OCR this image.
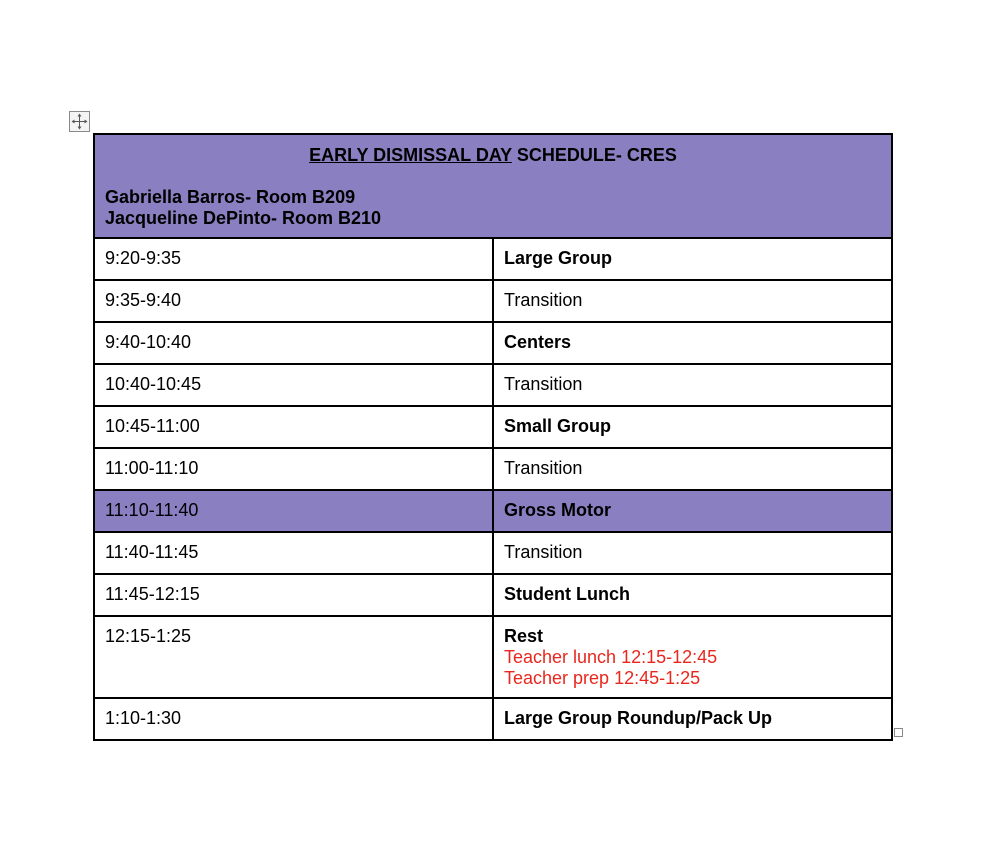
EARLY DISMISSAL DAY SCHEDULE- CRES
Gabriella Barros- Room B209
Jacqueline DePinto- Room B210	

9:20-9:35	Large Group
9:35-9:40	Transition
9:40-10:40	Centers
10:40-10:45	Transition
10:45-11:00	Small Group
11:00-11:10	Transition
11:10-11:40	Gross Motor
11:40-11:45	Transition
11:45-12:15	Student Lunch
12:15-1:25	Rest
Teacher lunch 12:15-12:45
Teacher prep 12:45-1:25

1:10-1:30	Large Group Roundup/Pack Up
